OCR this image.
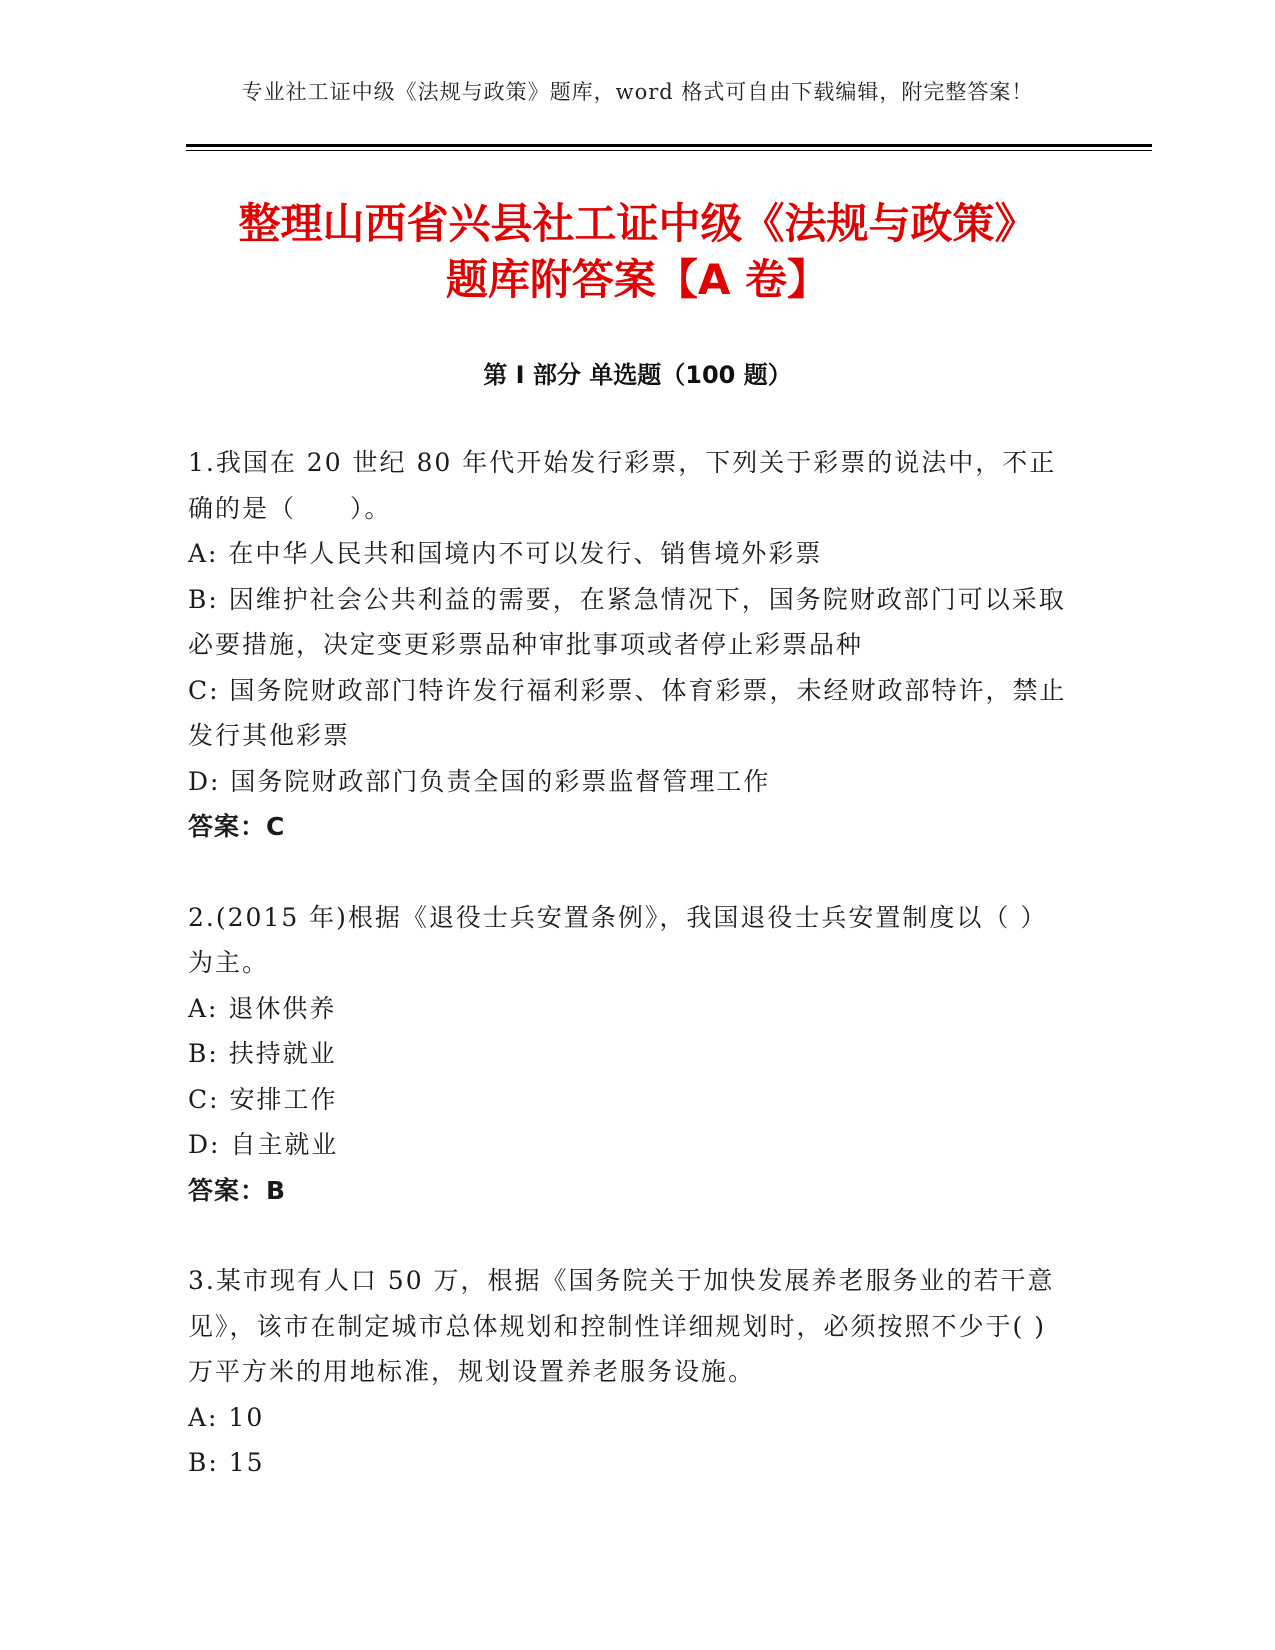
专业社工证中级《法规与政策》题库，word 格式可自由下载编辑，附完整答案！
整理山西省兴县社工证中级《法规与政策》
题库附答案【A 卷】
第 I 部分 单选题（100 题）

1.我国在 20 世纪 80 年代开始发行彩票，下列关于彩票的说法中，不正确的是（　　）。

A: 在中华人民共和国境内不可以发行、销售境外彩票

B: 因维护社会公共利益的需要，在紧急情况下，国务院财政部门可以采取必要措施，决定变更彩票品种审批事项或者停止彩票品种

C: 国务院财政部门特许发行福利彩票、体育彩票，未经财政部特许，禁止发行其他彩票

D: 国务院财政部门负责全国的彩票监督管理工作

答案：C

2.(2015 年)根据《退役士兵安置条例》，我国退役士兵安置制度以（ ）为主。

A: 退休供养

B: 扶持就业

C: 安排工作

D: 自主就业

答案：B

3.某市现有人口 50 万，根据《国务院关于加快发展养老服务业的若干意见》，该市在制定城市总体规划和控制性详细规划时，必须按照不少于( )万平方米的用地标准，规划设置养老服务设施。

A: 10

B: 15
